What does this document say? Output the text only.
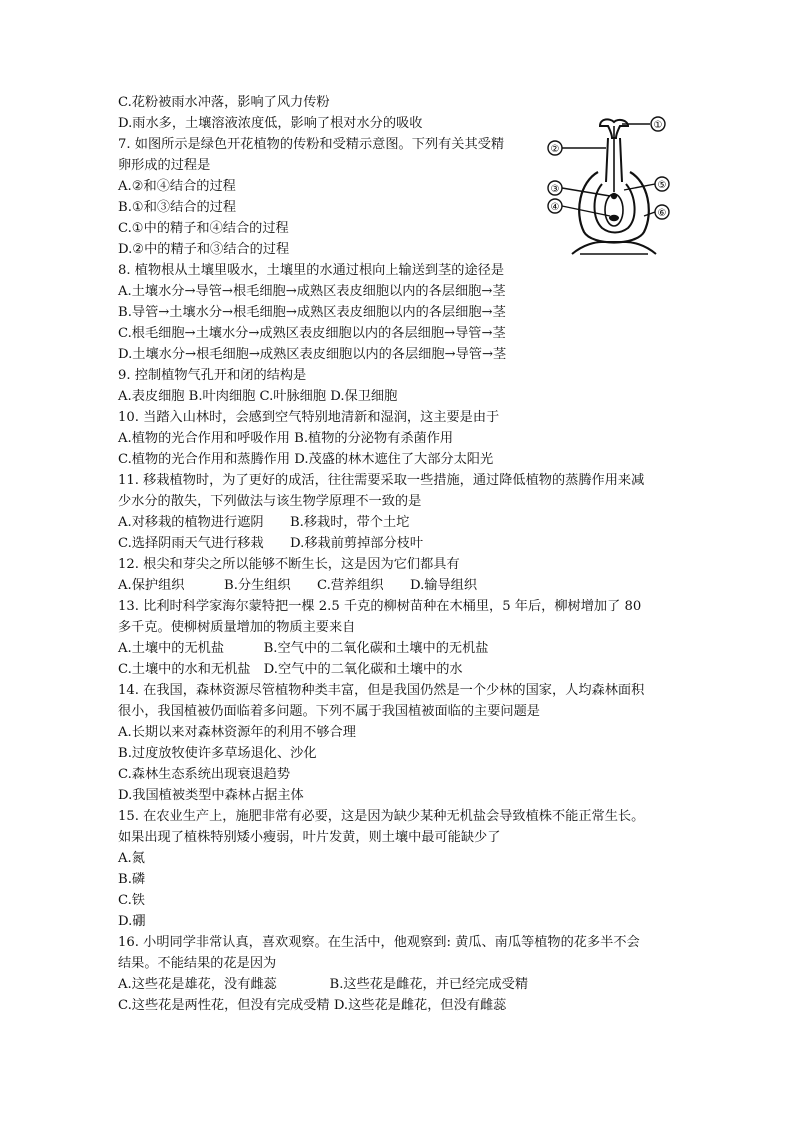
C.花粉被雨水冲落，影响了风力传粉
D.雨水多，土壤溶液浓度低，影响了根对水分的吸收
7. 如图所示是绿色开花植物的传粉和受精示意图。下列有关其受精
卵形成的过程是
A.②和④结合的过程
B.①和③结合的过程
C.①中的精子和④结合的过程
D.②中的精子和③结合的过程
8. 植物根从土壤里吸水，土壤里的水通过根向上输送到茎的途径是
A.土壤水分→导管→根毛细胞→成熟区表皮细胞以内的各层细胞→茎
B.导管→土壤水分→根毛细胞→成熟区表皮细胞以内的各层细胞→茎
C.根毛细胞→土壤水分→成熟区表皮细胞以内的各层细胞→导管→茎
D.土壤水分→根毛细胞→成熟区表皮细胞以内的各层细胞→导管→茎
9. 控制植物气孔开和闭的结构是
A.表皮细胞 B.叶肉细胞 C.叶脉细胞 D.保卫细胞
10. 当踏入山林时，会感到空气特别地清新和湿润，这主要是由于
A.植物的光合作用和呼吸作用 B.植物的分泌物有杀菌作用
C.植物的光合作用和蒸腾作用 D.茂盛的林木遮住了大部分太阳光
11. 移栽植物时，为了更好的成活，往往需要采取一些措施，通过降低植物的蒸腾作用来减
少水分的散失，下列做法与该生物学原理不一致的是
A.对移栽的植物进行遮阴　　B.移栽时，带个土坨
C.选择阴雨天气进行移栽　　D.移栽前剪掉部分枝叶
12. 根尖和芽尖之所以能够不断生长，这是因为它们都具有
A.保护组织　　　B.分生组织　　C.营养组织　　D.输导组织
13. 比利时科学家海尔蒙特把一棵 2.5 千克的柳树苗种在木桶里，5 年后，柳树增加了 80
多千克。使柳树质量增加的物质主要来自
A.土壤中的无机盐　　　B.空气中的二氧化碳和土壤中的无机盐
C.土壤中的水和无机盐　D.空气中的二氧化碳和土壤中的水
14. 在我国，森林资源尽管植物种类丰富，但是我国仍然是一个少林的国家，人均森林面积
很小，我国植被仍面临着多问题。下列不属于我国植被面临的主要问题是
A.长期以来对森林资源年的利用不够合理
B.过度放牧使许多草场退化、沙化
C.森林生态系统出现衰退趋势
D.我国植被类型中森林占据主体
15. 在农业生产上，施肥非常有必要，这是因为缺少某种无机盐会导致植株不能正常生长。
如果出现了植株特别矮小瘦弱，叶片发黄，则土壤中最可能缺少了
A.氮
B.磷
C.铁
D.硼
16. 小明同学非常认真，喜欢观察。在生活中，他观察到: 黄瓜、南瓜等植物的花多半不会
结果。不能结果的花是因为
A.这些花是雄花，没有雌蕊　　　　B.这些花是雌花，并已经完成受精
C.这些花是两性花，但没有完成受精 D.这些花是雌花，但没有雌蕊
①
②
③
④
⑤
⑥
